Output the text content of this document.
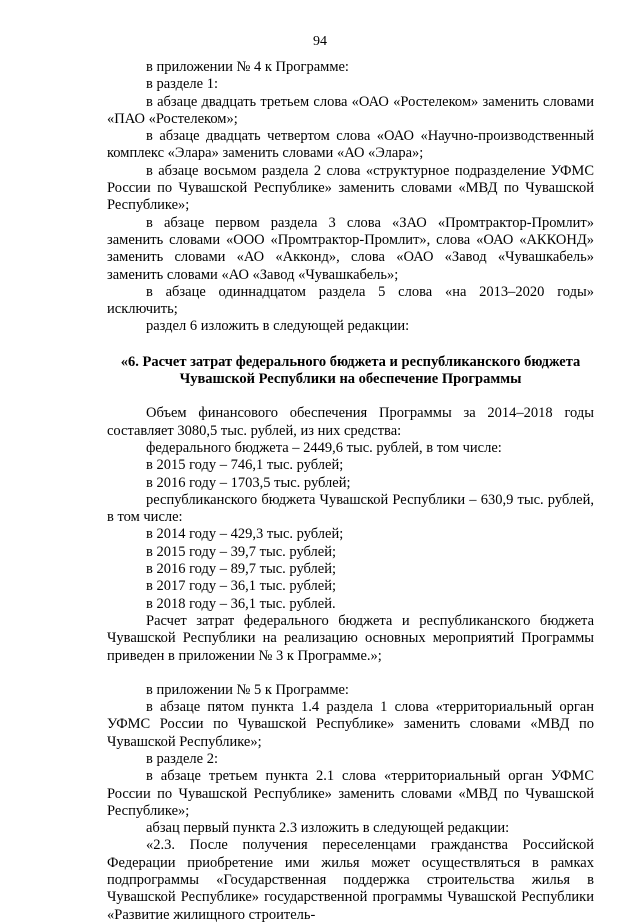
94

в приложении № 4 к Программе:

в разделе 1:

в абзаце двадцать третьем слова «ОАО «Ростелеком» заменить словами «ПАО «Ростелеком»;

в абзаце двадцать четвертом слова «ОАО «Научно-производственный комплекс «Элара» заменить словами «АО «Элара»;

в абзаце восьмом раздела 2 слова «структурное подразделение УФМС России по Чувашской Республике» заменить словами «МВД по Чувашской Республике»;

в абзаце первом раздела 3 слова «ЗАО «Промтрактор-Промлит» заменить словами «ООО «Промтрактор-Промлит», слова «ОАО «АККОНД» заменить словами «АО «Акконд», слова «ОАО «Завод «Чувашкабель» заменить словами «АО «Завод «Чувашкабель»;

в абзаце одиннадцатом раздела 5 слова «на 2013–2020 годы» исключить;

раздел 6 изложить в следующей редакции:

«6. Расчет затрат федерального бюджета и республиканского бюджета

Чувашской Республики на обеспечение Программы

Объем финансового обеспечения Программы за 2014–2018 годы составляет 3080,5 тыс. рублей, из них средства:

федерального бюджета – 2449,6 тыс. рублей, в том числе:

в 2015 году – 746,1 тыс. рублей;

в 2016 году – 1703,5 тыс. рублей;

республиканского бюджета Чувашской Республики – 630,9 тыс. рублей, в том числе:

в 2014 году – 429,3 тыс. рублей;

в 2015 году – 39,7 тыс. рублей;

в 2016 году – 89,7 тыс. рублей;

в 2017 году – 36,1 тыс. рублей;

в 2018 году – 36,1 тыс. рублей.

Расчет затрат федерального бюджета и республиканского бюджета Чувашской Республики на реализацию основных мероприятий Программы приведен в приложении № 3 к Программе.»;

в приложении № 5 к Программе:

в абзаце пятом пункта 1.4 раздела 1 слова «территориальный орган УФМС России по Чувашской Республике» заменить словами «МВД по Чувашской Республике»;

в разделе 2:

в абзаце третьем пункта 2.1 слова «территориальный орган УФМС России по Чувашской Республике» заменить словами «МВД по Чувашской Республике»;

абзац первый пункта 2.3 изложить в следующей редакции:

«2.3. После получения переселенцами гражданства Российской Федерации приобретение ими жилья может осуществляться в рамках подпрограммы «Государственная поддержка строительства жилья в Чувашской Республике» государственной программы Чувашской Республики «Развитие жилищного строитель-
